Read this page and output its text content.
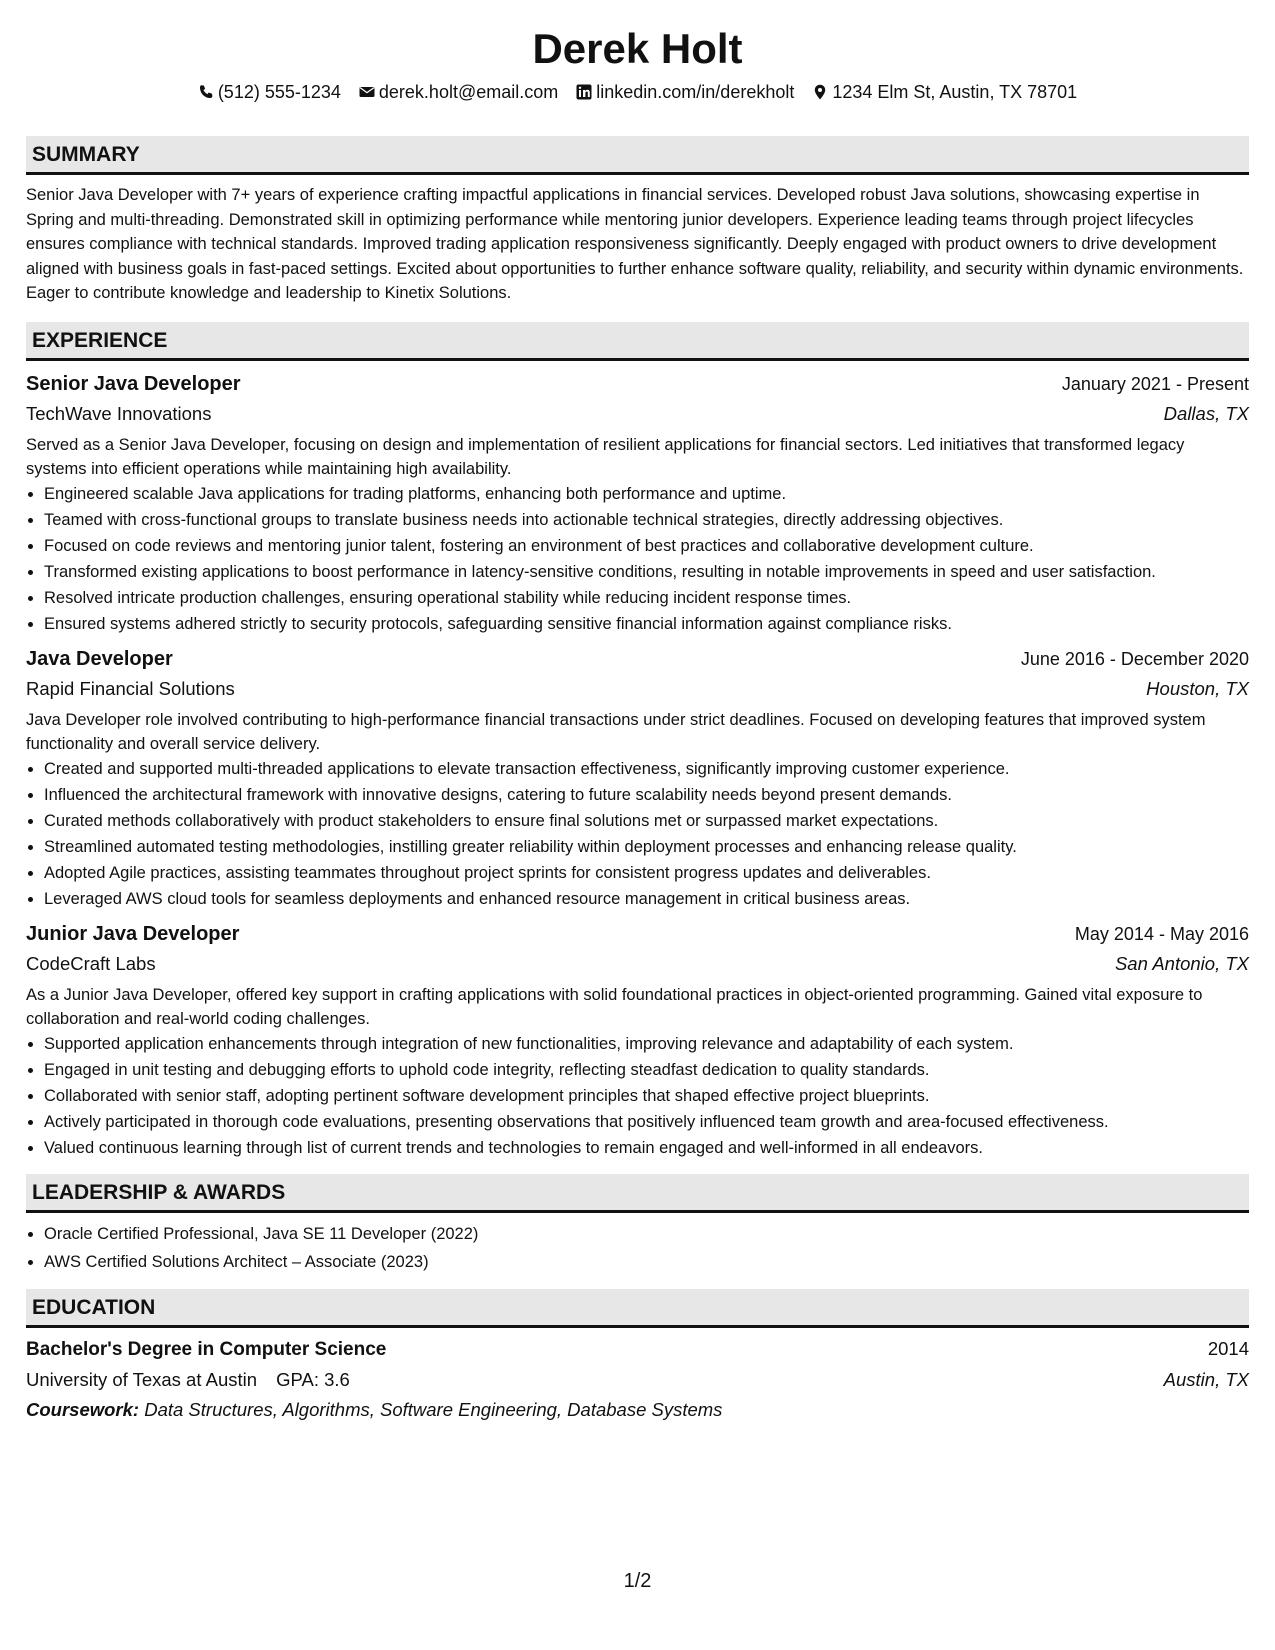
Derek Holt
(512) 555-1234 derek.holt@email.com linkedin.com/in/derekholt 1234 Elm St, Austin, TX 78701
SUMMARY

Senior Java Developer with 7+ years of experience crafting impactful applications in financial services. Developed robust Java solutions, showcasing expertise in Spring and multi-threading. Demonstrated skill in optimizing performance while mentoring junior developers. Experience leading teams through project lifecycles ensures compliance with technical standards. Improved trading application responsiveness significantly. Deeply engaged with product owners to drive development aligned with business goals in fast-paced settings. Excited about opportunities to further enhance software quality, reliability, and security within dynamic environments. Eager to contribute knowledge and leadership to Kinetix Solutions.

EXPERIENCE
Senior Java Developer	January 2021 - Present
TechWave Innovations	Dallas, TX
Served as a Senior Java Developer, focusing on design and implementation of resilient applications for financial sectors. Led initiatives that transformed legacy systems into efficient operations while maintaining high availability.
• Engineered scalable Java applications for trading platforms, enhancing both performance and uptime.
• Teamed with cross-functional groups to translate business needs into actionable technical strategies, directly addressing objectives.
• Focused on code reviews and mentoring junior talent, fostering an environment of best practices and collaborative development culture.
• Transformed existing applications to boost performance in latency-sensitive conditions, resulting in notable improvements in speed and user satisfaction.
• Resolved intricate production challenges, ensuring operational stability while reducing incident response times.
• Ensured systems adhered strictly to security protocols, safeguarding sensitive financial information against compliance risks.
Java Developer	June 2016 - December 2020
Rapid Financial Solutions	Houston, TX
Java Developer role involved contributing to high-performance financial transactions under strict deadlines. Focused on developing features that improved system functionality and overall service delivery.
• Created and supported multi-threaded applications to elevate transaction effectiveness, significantly improving customer experience.
• Influenced the architectural framework with innovative designs, catering to future scalability needs beyond present demands.
• Curated methods collaboratively with product stakeholders to ensure final solutions met or surpassed market expectations.
• Streamlined automated testing methodologies, instilling greater reliability within deployment processes and enhancing release quality.
• Adopted Agile practices, assisting teammates throughout project sprints for consistent progress updates and deliverables.
• Leveraged AWS cloud tools for seamless deployments and enhanced resource management in critical business areas.
Junior Java Developer	May 2014 - May 2016
CodeCraft Labs	San Antonio, TX
As a Junior Java Developer, offered key support in crafting applications with solid foundational practices in object-oriented programming. Gained vital exposure to collaboration and real-world coding challenges.
• Supported application enhancements through integration of new functionalities, improving relevance and adaptability of each system.
• Engaged in unit testing and debugging efforts to uphold code integrity, reflecting steadfast dedication to quality standards.
• Collaborated with senior staff, adopting pertinent software development principles that shaped effective project blueprints.
• Actively participated in thorough code evaluations, presenting observations that positively influenced team growth and area-focused effectiveness.
• Valued continuous learning through list of current trends and technologies to remain engaged and well-informed in all endeavors.
LEADERSHIP & AWARDS
• Oracle Certified Professional, Java SE 11 Developer (2022)
• AWS Certified Solutions Architect – Associate (2023)
EDUCATION
Bachelor's Degree in Computer Science	2014
University of Texas at Austin GPA: 3.6	Austin, TX
Coursework: Data Structures, Algorithms, Software Engineering, Database Systems
1/2
